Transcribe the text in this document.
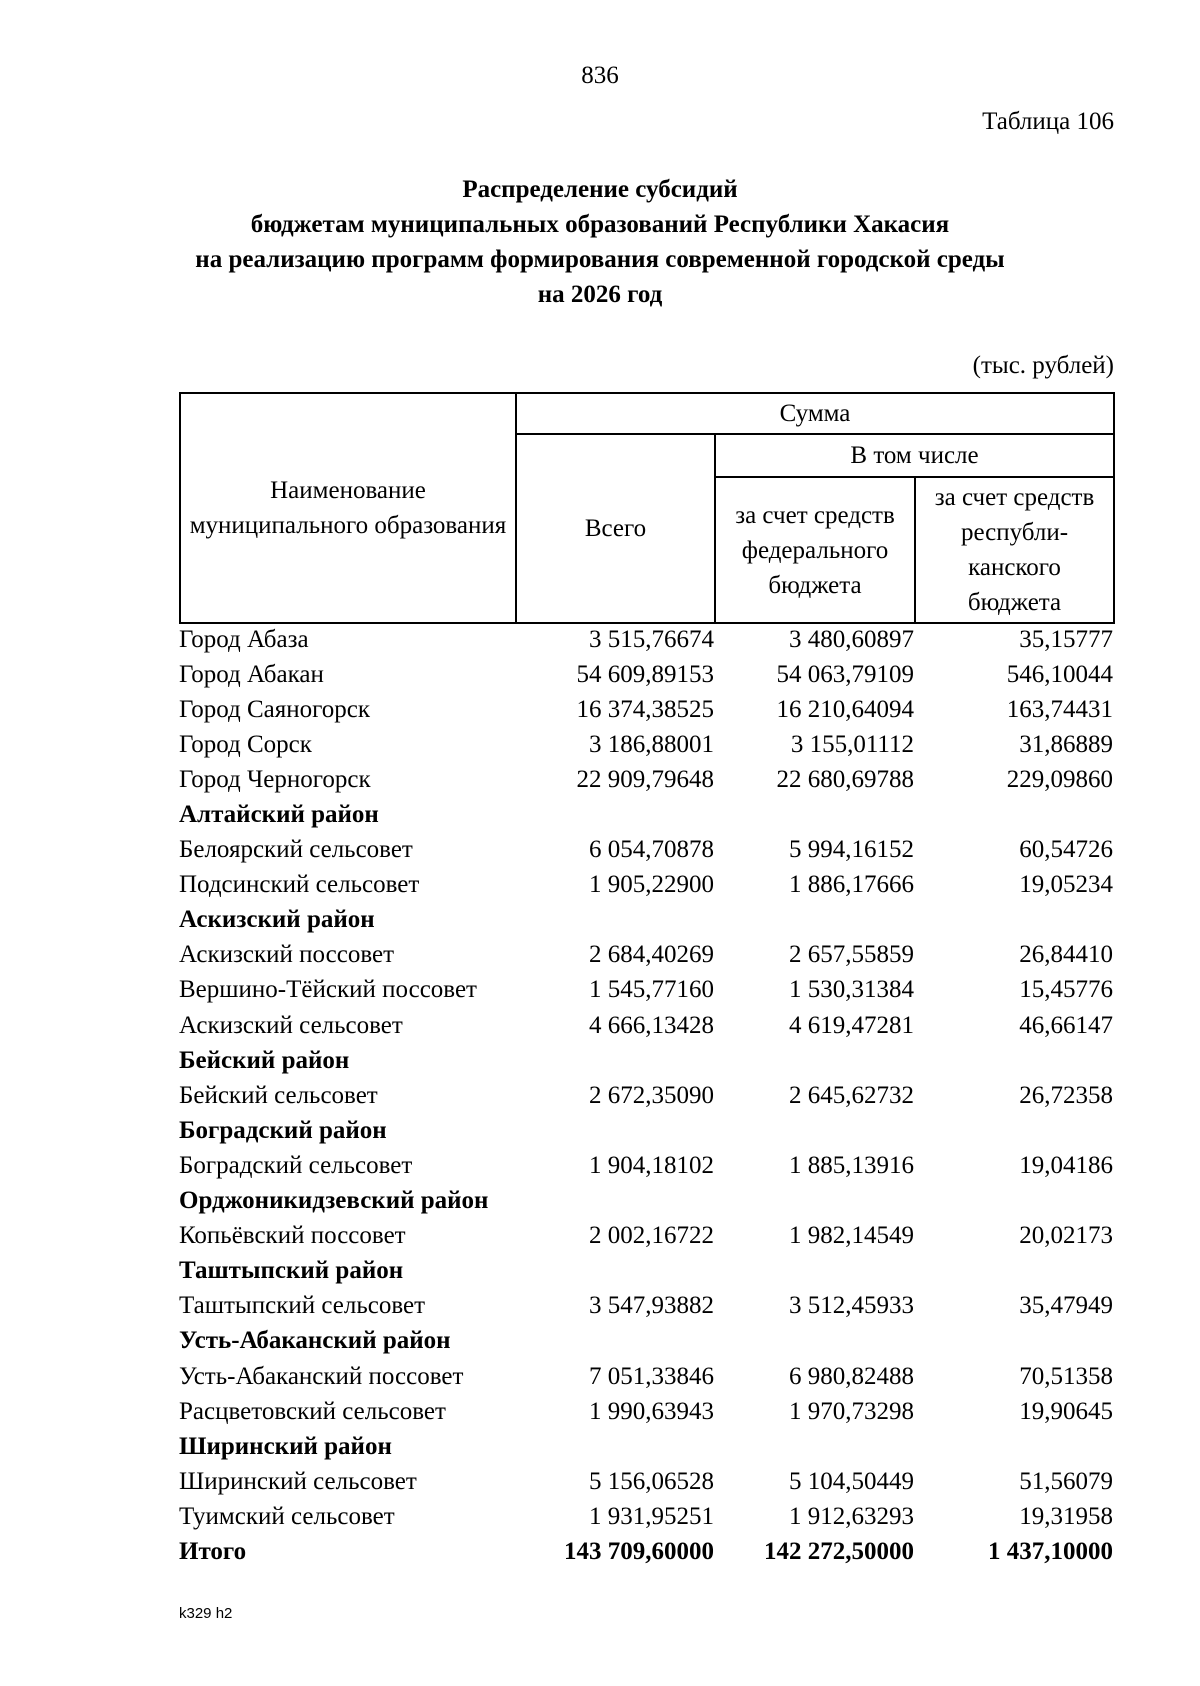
836
Таблица 106
Распределение субсидий
бюджетам муниципальных образований Республики Хакасия
на реализацию программ формирования современной городской среды
на 2026 год
(тыс. рублей)
Наименование муниципального образования	Сумма		
	Всего	В том числе	
		за счет средств федерального бюджета	за счет средств республи-канского бюджета
Город Абаза	3 515,76674	3 480,60897	35,15777
Город Абакан	54 609,89153	54 063,79109	546,10044
Город Саяногорск	16 374,38525	16 210,64094	163,74431
Город Сорск	3 186,88001	3 155,01112	31,86889
Город Черногорск	22 909,79648	22 680,69788	229,09860
Алтайский район
Белоярский сельсовет	6 054,70878	5 994,16152	60,54726
Подсинский сельсовет	1 905,22900	1 886,17666	19,05234
Аскизский район
Аскизский поссовет	2 684,40269	2 657,55859	26,84410
Вершино-Тёйский поссовет	1 545,77160	1 530,31384	15,45776
Аскизский сельсовет	4 666,13428	4 619,47281	46,66147
Бейский район
Бейский сельсовет	2 672,35090	2 645,62732	26,72358
Боградский район
Боградский сельсовет	1 904,18102	1 885,13916	19,04186
Орджоникидзевский район
Копьёвский поссовет	2 002,16722	1 982,14549	20,02173
Таштыпский район
Таштыпский сельсовет	3 547,93882	3 512,45933	35,47949
Усть-Абаканский район
Усть-Абаканский поссовет	7 051,33846	6 980,82488	70,51358
Расцветовский сельсовет	1 990,63943	1 970,73298	19,90645
Ширинский район
Ширинский сельсовет	5 156,06528	5 104,50449	51,56079
Туимский сельсовет	1 931,95251	1 912,63293	19,31958
Итого	143 709,60000	142 272,50000	1 437,10000
k329 h2
